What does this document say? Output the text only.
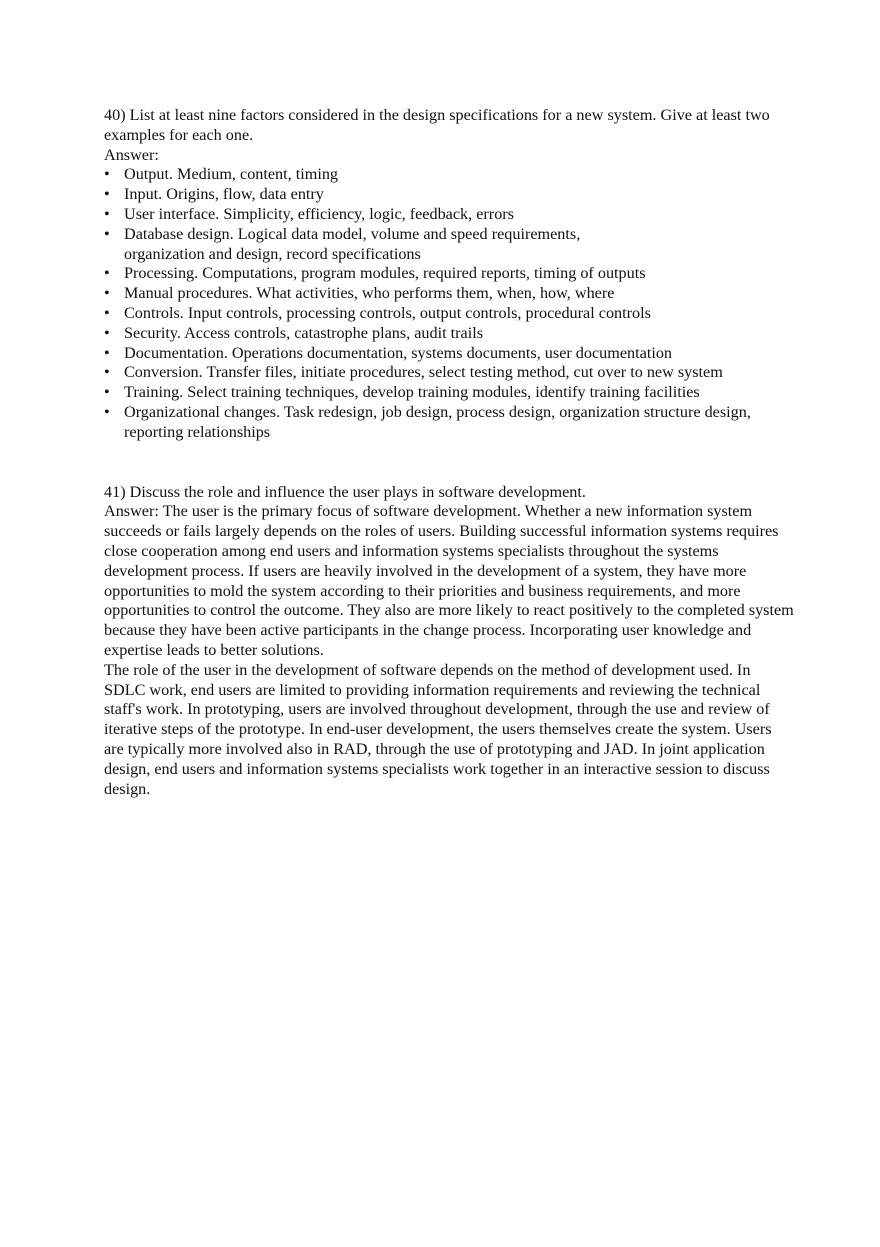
40) List at least nine factors considered in the design specifications for a new system. Give at least two examples for each one.

Answer:

• Output. Medium, content, timing
• Input. Origins, flow, data entry
• User interface. Simplicity, efficiency, logic, feedback, errors
• Database design. Logical data model, volume and speed requirements, organization and design, record specifications
• Processing. Computations, program modules, required reports, timing of outputs
• Manual procedures. What activities, who performs them, when, how, where
• Controls. Input controls, processing controls, output controls, procedural controls
• Security. Access controls, catastrophe plans, audit trails
• Documentation. Operations documentation, systems documents, user documentation
• Conversion. Transfer files, initiate procedures, select testing method, cut over to new system
• Training. Select training techniques, develop training modules, identify training facilities
• Organizational changes. Task redesign, job design, process design, organization structure design, reporting relationships

41) Discuss the role and influence the user plays in software development.

Answer: The user is the primary focus of software development. Whether a new information system succeeds or fails largely depends on the roles of users. Building successful information systems requires close cooperation among end users and information systems specialists throughout the systems development process. If users are heavily involved in the development of a system, they have more opportunities to mold the system according to their priorities and business requirements, and more opportunities to control the outcome. They also are more likely to react positively to the completed system because they have been active participants in the change process. Incorporating user knowledge and expertise leads to better solutions.

The role of the user in the development of software depends on the method of development used. In SDLC work, end users are limited to providing information requirements and reviewing the technical staff's work. In prototyping, users are involved throughout development, through the use and review of iterative steps of the prototype. In end-user development, the users themselves create the system. Users are typically more involved also in RAD, through the use of prototyping and JAD. In joint application design, end users and information systems specialists work together in an interactive session to discuss design.
